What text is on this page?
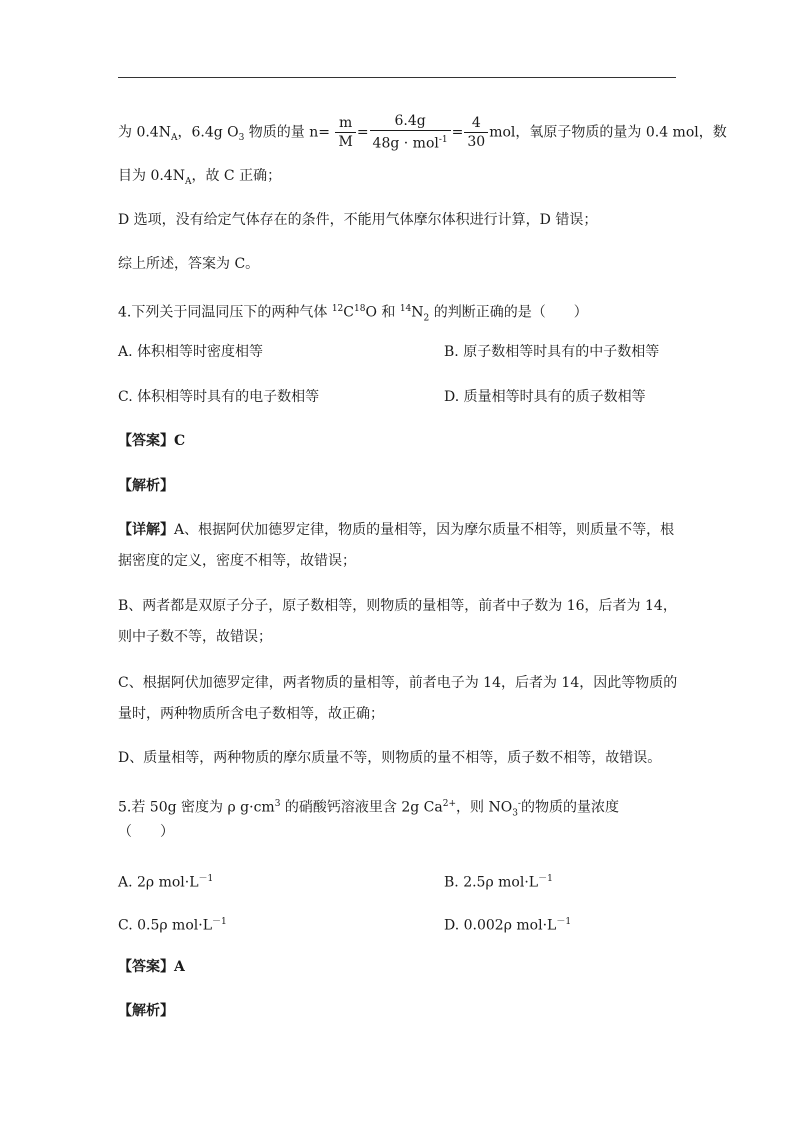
为 $0.4N_A$，6.4g $O_3$ 物质的量 $n= \frac{m}{M} = \frac{6.4g}{48g \cdot mol^{-1}} = \frac{4}{30}$ mol，氧原子物质的量为 0.4 mol，数
目为 $0.4N_A$，故 C 正确；
D 选项，没有给定气体存在的条件，不能用气体摩尔体积进行计算，D 错误；
综上所述，答案为 C。
4.下列关于同温同压下的两种气体 $^{12}C^{18}O$ 和 $^{14}N_2$ 的判断正确的是（　　）
A. 体积相等时密度相等	B. 原子数相等时具有的中子数相等
C. 体积相等时具有的电子数相等	D. 质量相等时具有的质子数相等
【答案】C
【解析】
【详解】A、根据阿伏加德罗定律，物质的量相等，因为摩尔质量不相等，则质量不等，根
据密度的定义，密度不相等，故错误；
B、两者都是双原子分子，原子数相等，则物质的量相等，前者中子数为 16，后者为 14，
则中子数不等，故错误；
C、根据阿伏加德罗定律，两者物质的量相等，前者电子为 14，后者为 14，因此等物质的
量时，两种物质所含电子数相等，故正确；
D、质量相等，两种物质的摩尔质量不等，则物质的量不相等，质子数不相等，故错误。
5.若 50g 密度为 ρ $g\cdot cm^3$ 的硝酸钙溶液里含 2g $Ca^{2+}$，则 $NO_3^-$的物质的量浓度
（　　）
A. 2ρ $mol\cdot L^{-1}$	B. 2.5ρ $mol\cdot L^{-1}$
C. 0.5ρ $mol\cdot L^{-1}$	D. 0.002ρ $mol\cdot L^{-1}$
【答案】A
【解析】
